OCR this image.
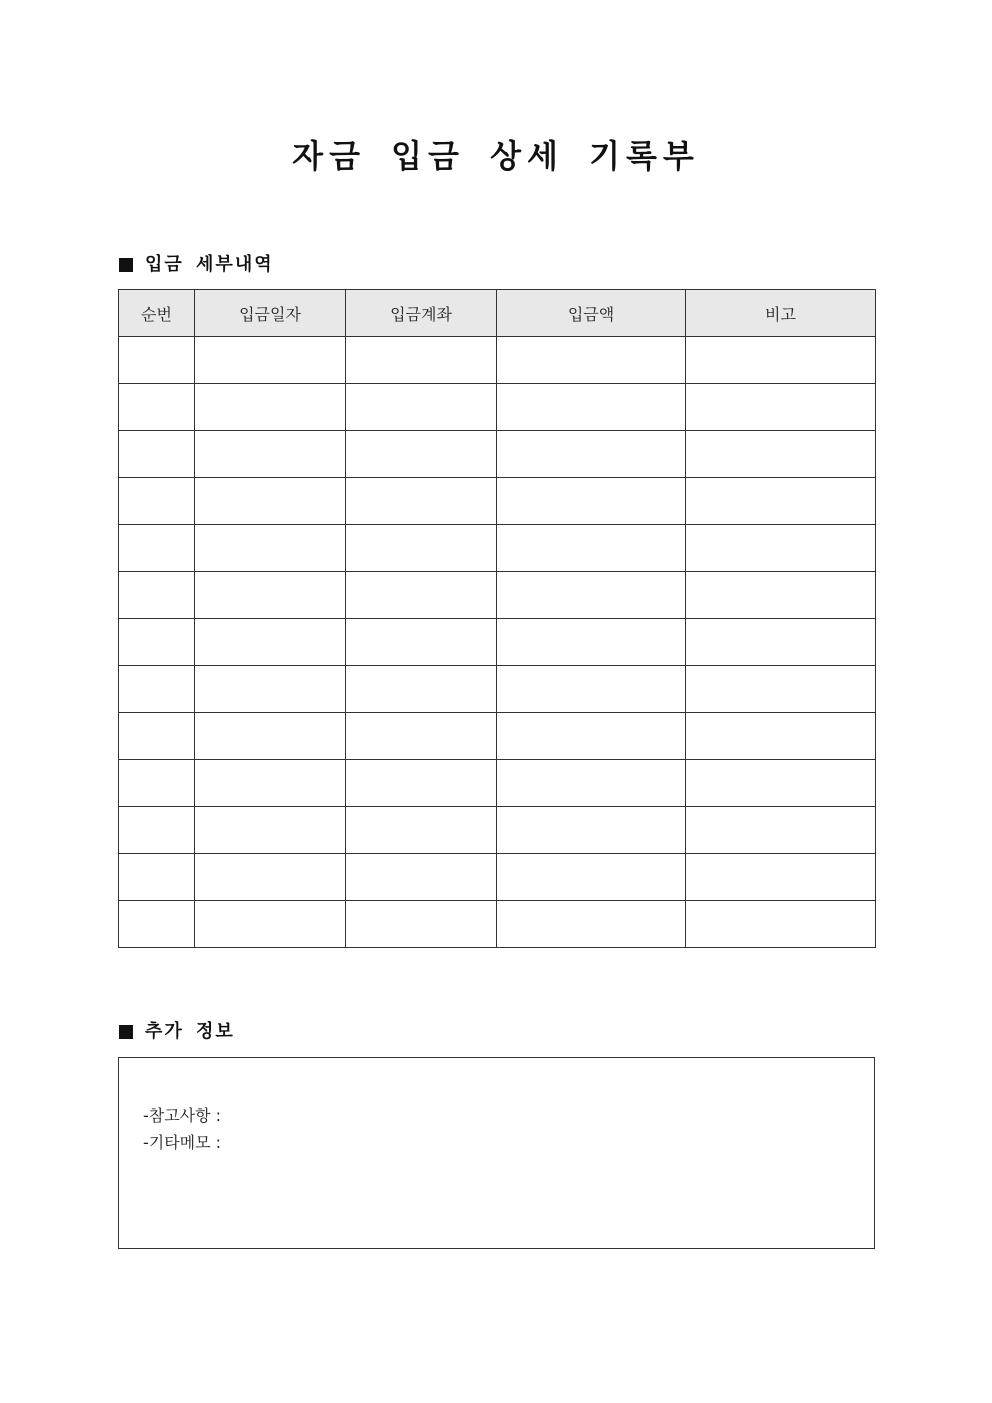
자금 입금 상세 기록부
입금 세부내역
순번	입금일자	입금계좌	입금액	비고

추가 정보
-참고사항 :
-기타메모 :
